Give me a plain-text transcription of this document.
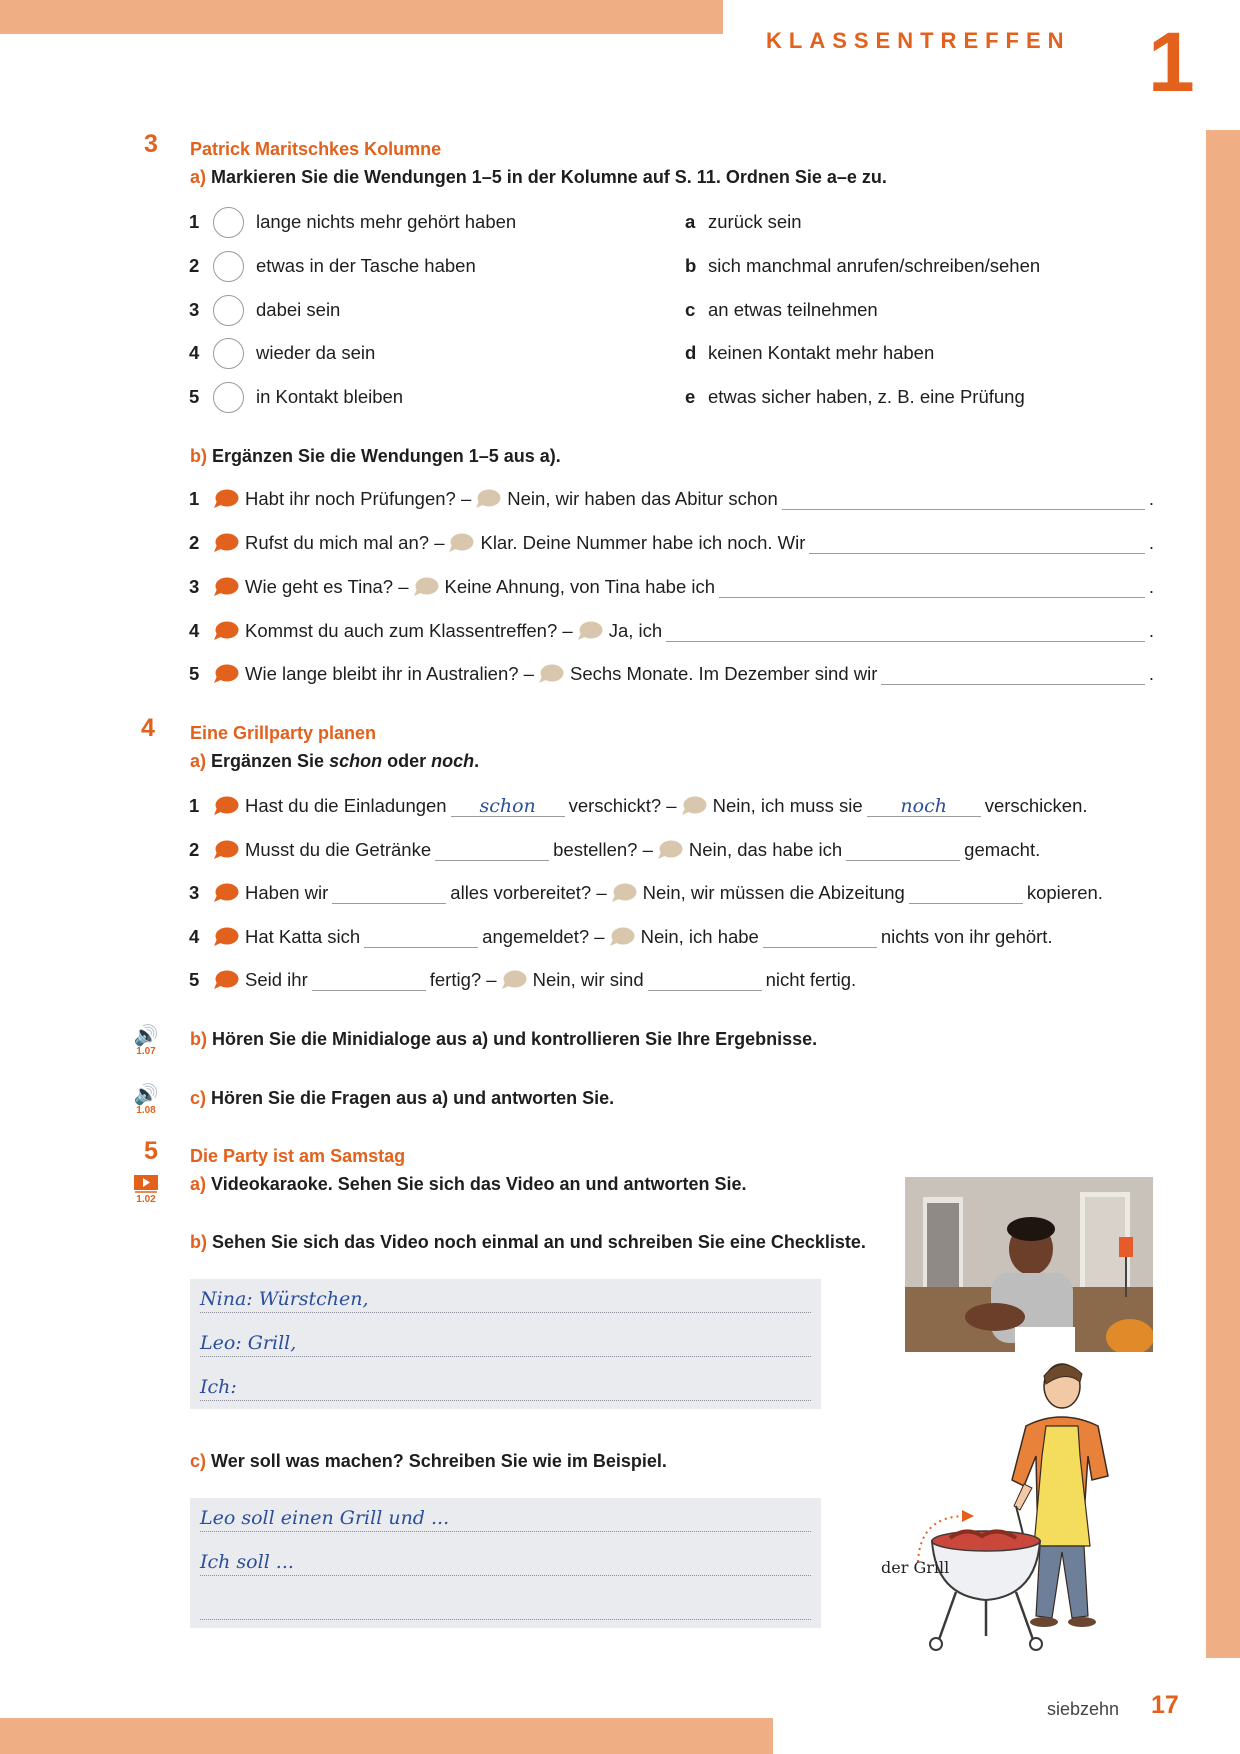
KLASSENTREFFEN 1
3 Patrick Maritschkes Kolumne
a) Markieren Sie die Wendungen 1–5 in der Kolumne auf S. 11. Ordnen Sie a–e zu.
1	lange nichts mehr gehört haben
2	etwas in der Tasche haben
3	dabei sein
4	wieder da sein
5	in Kontakt bleiben
a zurück sein
b sich manchmal anrufen/schreiben/sehen
c an etwas teilnehmen
d keinen Kontakt mehr haben
e etwas sicher haben, z. B. eine Prüfung
b) Ergänzen Sie die Wendungen 1–5 aus a).
1	Habt ihr noch Prüfungen? – Nein, wir haben das Abitur schon	.
2	Rufst du mich mal an? – Klar. Deine Nummer habe ich noch. Wir	.
3	Wie geht es Tina? – Keine Ahnung, von Tina habe ich	.
4	Kommst du auch zum Klassentreffen? – Ja, ich	.
5	Wie lange bleibt ihr in Australien? – Sechs Monate. Im Dezember sind wir	.
4 Eine Grillparty planen
a) Ergänzen Sie schon oder noch.
1	Hast du die Einladungen	schon	verschickt? – Nein, ich muss sie	noch	verschicken.
2	Musst du die Getränke	bestellen? – Nein, das habe ich	gemacht.
3	Haben wir	alles vorbereitet? – Nein, wir müssen die Abizeitung	kopieren.
4	Hat Katta sich	angemeldet? – Nein, ich habe	nichts von ihr gehört.
5	Seid ihr	fertig? – Nein, wir sind	nicht fertig.
🔊
1.07
b) Hören Sie die Minidialoge aus a) und kontrollieren Sie Ihre Ergebnisse.
🔊
1.08
c) Hören Sie die Fragen aus a) und antworten Sie.
5 Die Party ist am Samstag
1.02
a) Videokaraoke. Sehen Sie sich das Video an und antworten Sie.
b) Sehen Sie sich das Video noch einmal an und schreiben Sie eine Checkliste.
Nina: Würstchen,
Leo: Grill,
Ich:
c) Wer soll was machen? Schreiben Sie wie im Beispiel.
Leo soll einen Grill und ...
Ich soll ...	der Grill
siebzehn 17
